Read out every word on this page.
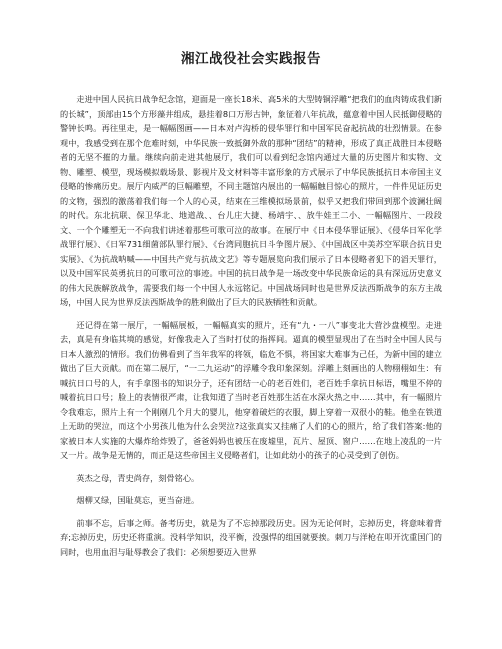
湘江战役社会实践报告

走进中国人民抗日战争纪念馆，迎面是一座长18米、高5米的大型铸铜浮雕“把我们的血肉铸成我们新的长城”，顶部由15个方形藻井组成，悬挂着8口万形古钟，象征着八年抗战，蕴意着中国人民抵御侵略的警钟长鸣。再往里走，是一幅幅图画——日本对卢沟桥的侵华罪行和中国军民奋起抗战的壮烈情景。在参观中，我感受到在那个危难时刻，中华民族一致抵御外敌的那种“团结”的精神，形成了真正战胜日本侵略者的无坚不摧的力量。继续向前走进其他展厅，我们可以看到纪念馆内通过大量的历史图片和实物、文物、雕塑、模型，现场模拟载场景、影视片及文材料等丰富形象的方式展示了中华民族抵抗日本帝国主义侵略的惨痛历史。展厅内威严的巨幅雕塑，不同主题馆内展出的一幅幅触目惊心的照片，一件件见证历史的文物，强烈的激荡着我们每一个人的心灵，结束在三维模拟场景前，似乎又把我们带回到那个波澜壮阔的时代。东北抗联、保卫华北、地道战、、台儿庄大捷、杨靖宇、、放牛娃王二小、一幅幅图片、一段段文、一个个雕塑无一不向我们讲述着那些可歌可泣的故事。在展厅中《日本侵华罪证展》、《侵华日军化学战罪行展》、《日军731细菌部队罪行展》、《台湾同胞抗日斗争图片展》、《中国战区中美苏空军联合抗日史实展》、《为抗战呐喊——中国共产党与抗战文艺》等专题展览向我们展示了日本侵略者犯下的滔天罪行，以及中国军民英勇抗日的可歌可泣的事迹。中国的抗日战争是一场改变中华民族命运的具有深远历史意义的伟大民族解放战争，需要我们每一个中国人永远铭记。中国战场同时也是世界反法西斯战争的东方主战场，中国人民为世界反法西斯战争的胜利做出了巨大的民族牺牲和贡献。

还记得在第一展厅，一幅幅展板，一幅幅真实的照片，还有“九・一八”事变北大营沙盘模型。走进去，真是有身临其境的感觉，好像我走入了当时打仗的指挥间。逼真的模型显现出了在当时全中国人民与日本人激烈的情形。我们仿佛看到了当年我军的将领，临危不惧，将国家大难事为己任，为新中国的建立做出了巨大贡献。而在第二展厅，“一二九运动”的浮雕令我印象深刻。浮雕上刻画出的人物栩栩如生：有喊抗日口号的人，有手拿图书的知识分子，还有团结一心的老百姓们，老百姓手拿抗日标语，嘴里不停的喊着抗日口号；脸上的表情很严肃，让我知道了当时老百姓那生活在水深火热之中……其中，有一幅照片令我难忘，照片上有一个刚刚几个月大的婴儿，他穿着破烂的衣服，脚上穿着一双很小的鞋。他坐在铁道上无助的哭泣，而这个小男孩儿他为什么会哭泣?这张真实又挂痛了人们的心的照片，给了我们答案:他的家被日本人实施的大爆炸给炸毁了，爸爸妈妈也被压在废墟里，瓦片、屋顶、窗户……在地上凌乱的一片又一片。战争是无情的，而正是这些帝国主义侵略者们，让如此幼小的孩子的心灵受到了创伤。

英杰之母，青史尚存，刻骨铭心。

烟柳又绿，国耻莫忘，更当奋进。

前事不忘，后事之师。备考历史，就是为了不忘掉那段历史。因为无论何时，忘掉历史，将意味着背弃;忘掉历史，历史还将重演。没料学知识，没平衡，没强悍的组国就要挨。刺刀与洋枪在叩开沈重国门的同时，也用血泪与耻辱教会了我们：必须想要迈入世界
